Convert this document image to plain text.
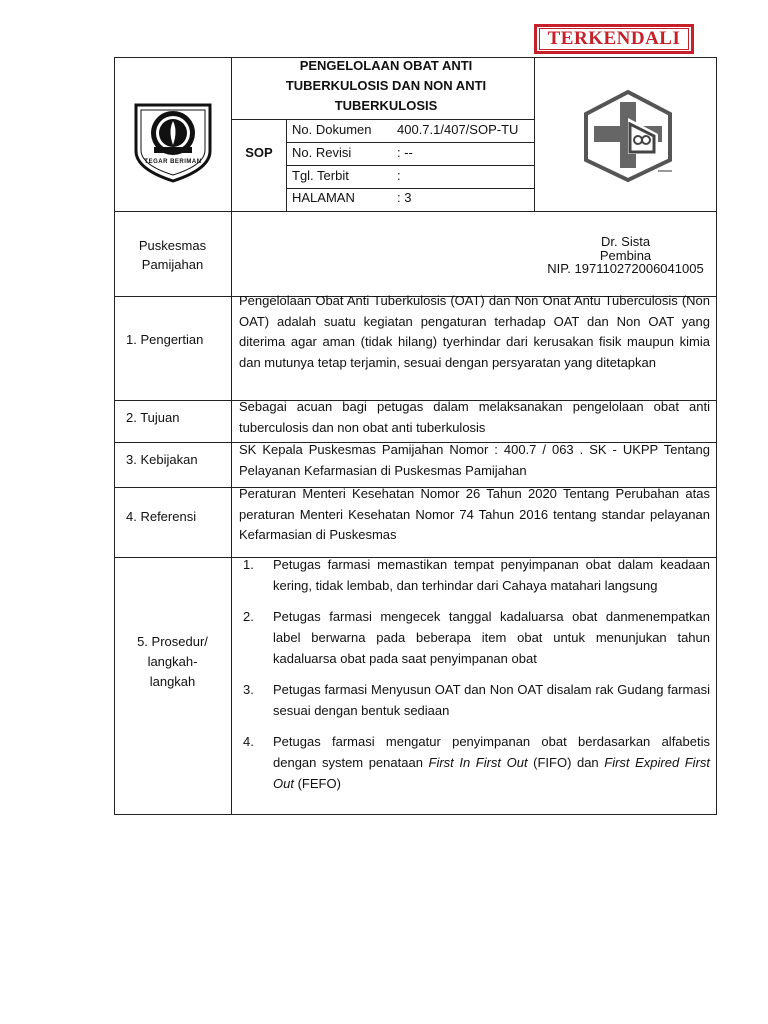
TERKENDALI
TEGAR BERIMAN
PENGELOLAAN OBAT ANTI
TUBERKULOSIS DAN NON ANTI
TUBERKULOSIS
SOP
No. Dokumen 400.7.1/407/SOP-TU
No. Revisi	: --
Tgl. Terbit	:
HALAMAN	: 3
Puskesmas
Pamijahan
Dr. Sista
Pembina
NIP. 19711027200604100​5
1. Pengertian
Pengelolaan Obat Anti Tuberkulosis (OAT) dan Non Onat Antu Tuberculosis (Non OAT) adalah suatu kegiatan pengaturan terhadap OAT dan Non OAT yang diterima agar aman (tidak hilang) tyerhindar dari kerusakan fisik maupun kimia dan mutunya tetap terjamin, sesuai dengan persyaratan yang ditetapkan
2. Tujuan
Sebagai acuan bagi petugas dalam melaksanakan pengelolaan obat anti tuberculosis dan non obat anti tuberkulosis
3. Kebijakan
SK Kepala Puskesmas Pamijahan Nomor : 400.7 / 063 . SK - UKPP Tentang Pelayanan Kefarmasian di Puskesmas Pamijahan
4. Referensi
Peraturan Menteri Kesehatan Nomor 26 Tahun 2020 Tentang Perubahan atas peraturan Menteri Kesehatan Nomor 74 Tahun 2016 tentang standar pelayanan Kefarmasian di Puskesmas
5. Prosedur/
langkah-
langkah
1.	Petugas farmasi memastikan tempat penyimpanan obat dalam keadaan kering, tidak lembab, dan terhindar dari Cahaya matahari langsung
2.	Petugas farmasi mengecek tanggal kadaluarsa obat danmenempatkan label berwarna pada beberapa item obat untuk menunjukan tahun kadaluarsa obat pada saat penyimpanan obat
3.	Petugas farmasi Menyusun OAT dan Non OAT disalam rak Gudang farmasi sesuai dengan bentuk sediaan
4.	Petugas farmasi mengatur penyimpanan obat berdasarkan alfabetis dengan system penataan First In First Out (FIFO) dan First Expired First Out (FEFO)
